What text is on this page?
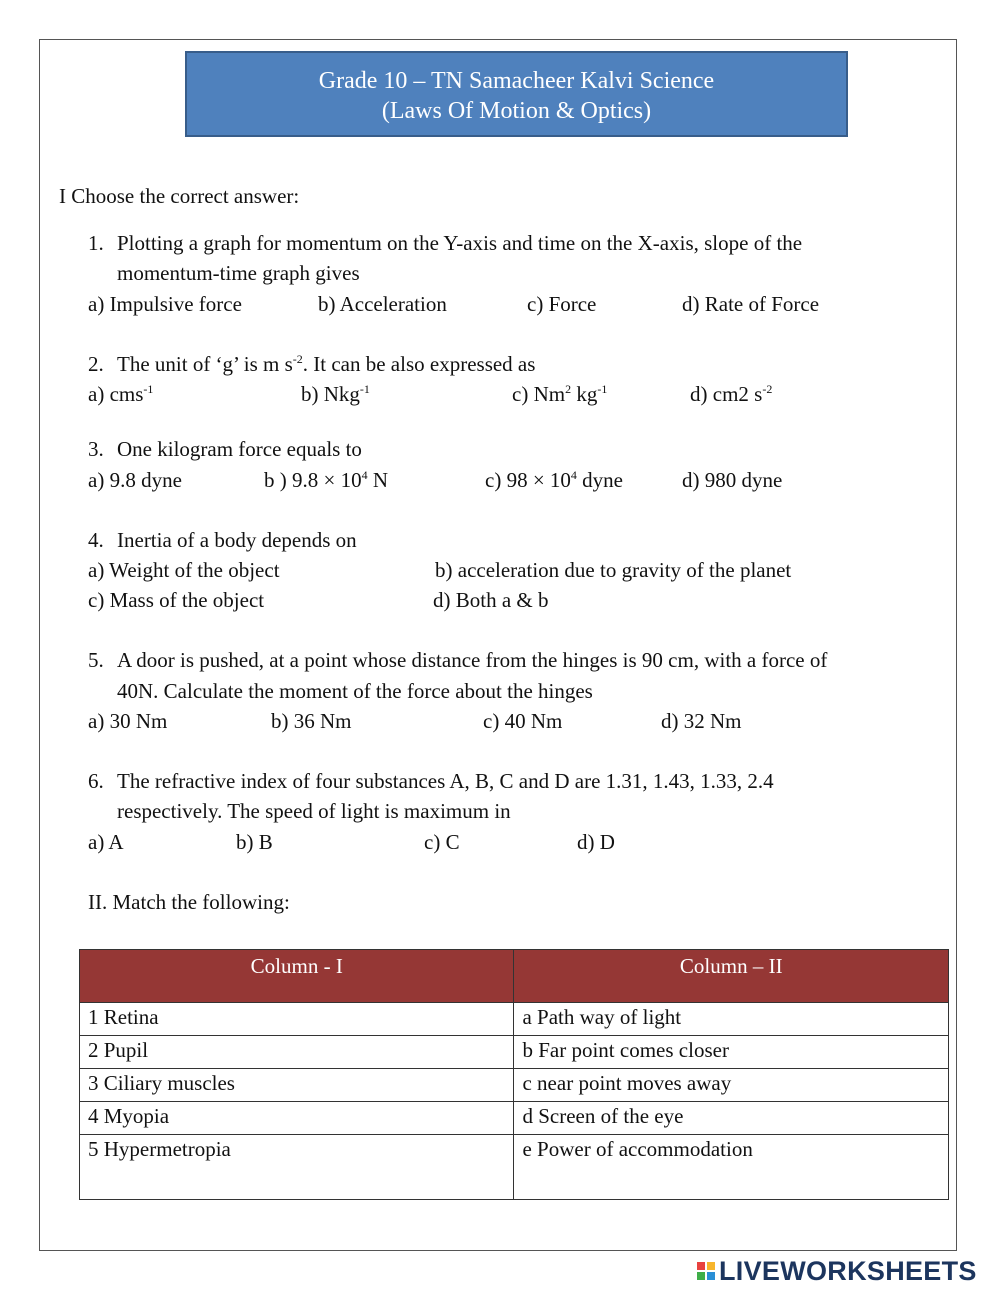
Grade 10 – TN Samacheer Kalvi Science
(Laws Of Motion & Optics)
I Choose the correct answer:
1. Plotting a graph for momentum on the Y-axis and time on the X-axis, slope of the
momentum-time graph gives
a) Impulsive force	b) Acceleration	c) Force	d) Rate of Force
2. The unit of ‘g’ is m $s^{-2}$. It can be also expressed as
a) cms$^{-1}$	b) Nkg$^{-1}$	c) Nm$^2$ $kg^{-1}$	d) cm2 $s^{-2}$
3. One kilogram force equals to
a) 9.8 dyne	b ) $9.8 \times 10^4$ N	c) $98 \times 10^4$ dyne	d) 980 dyne
4. Inertia of a body depends on
a) Weight of the object	b) acceleration due to gravity of the planet
c) Mass of the object	d) Both a & b
5. A door is pushed, at a point whose distance from the hinges is 90 cm, with a force of
40N. Calculate the moment of the force about the hinges
a) 30 Nm	b) 36 Nm	c) 40 Nm	d) 32 Nm
6. The refractive index of four substances A, B, C and D are 1.31, 1.43, 1.33, 2.4
respectively. The speed of light is maximum in
a) A	b) B	c) C	d) D
II. Match the following:
Column - I	Column – II
1 Retina	a Path way of light
2 Pupil	b Far point comes closer
3 Ciliary muscles	c near point moves away
4 Myopia	d Screen of the eye
5 Hypermetropia	e Power of accommodation
LIVEWORKSHEETS
